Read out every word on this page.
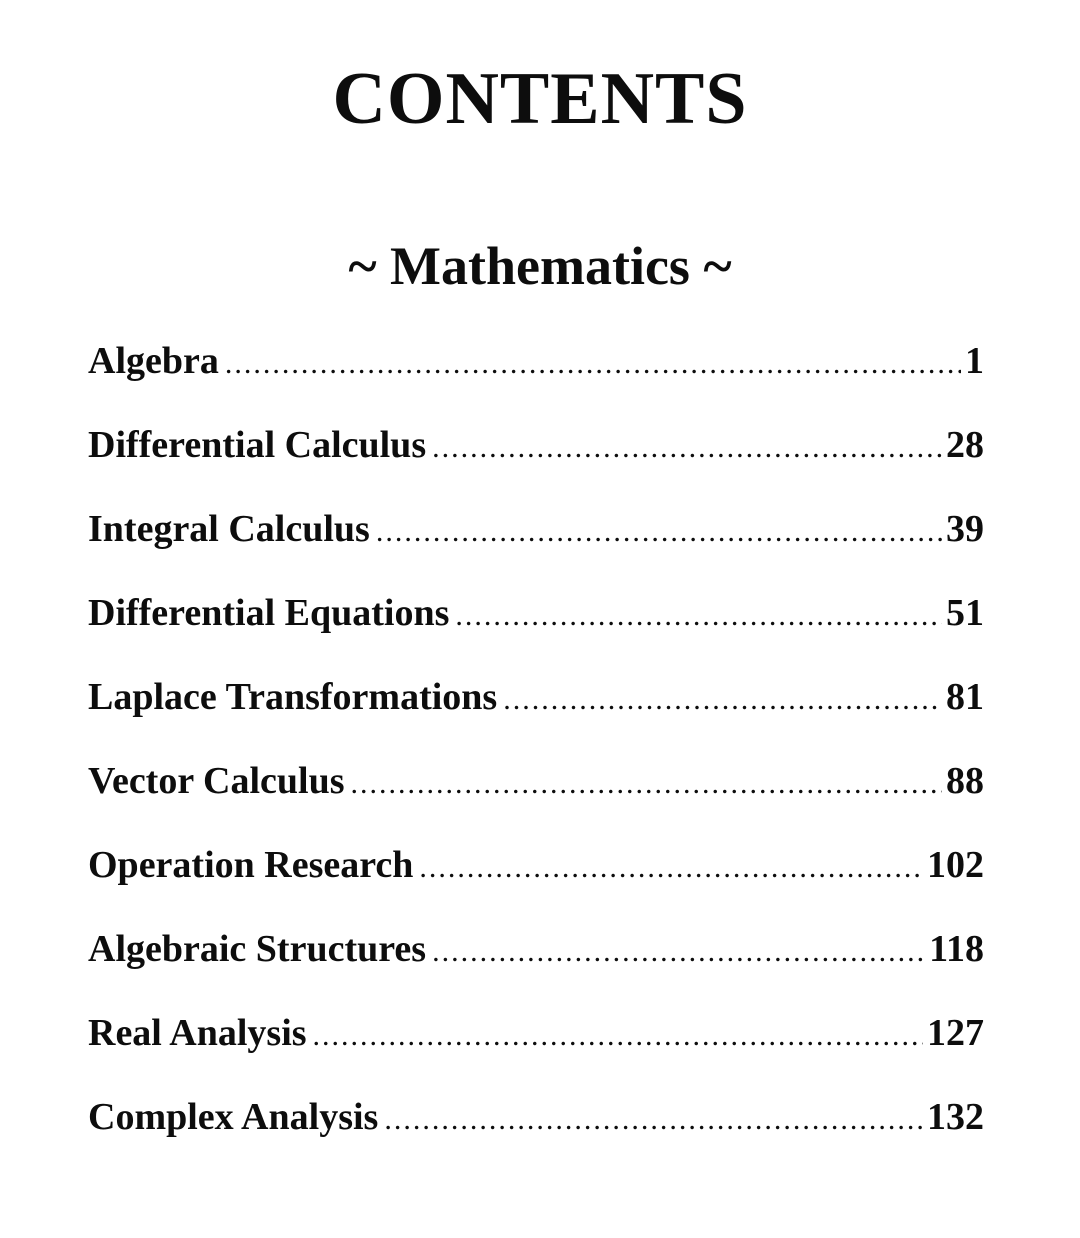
CONTENTS
~ Mathematics ~
Algebra .....	1
Differential Calculus .....	28
Integral Calculus .....	39
Differential Equations .....	51
Laplace Transformations .....	81
Vector Calculus .....	88
Operation Research .....	102
Algebraic Structures .....	118
Real Analysis .....	127
Complex Analysis .....	132
